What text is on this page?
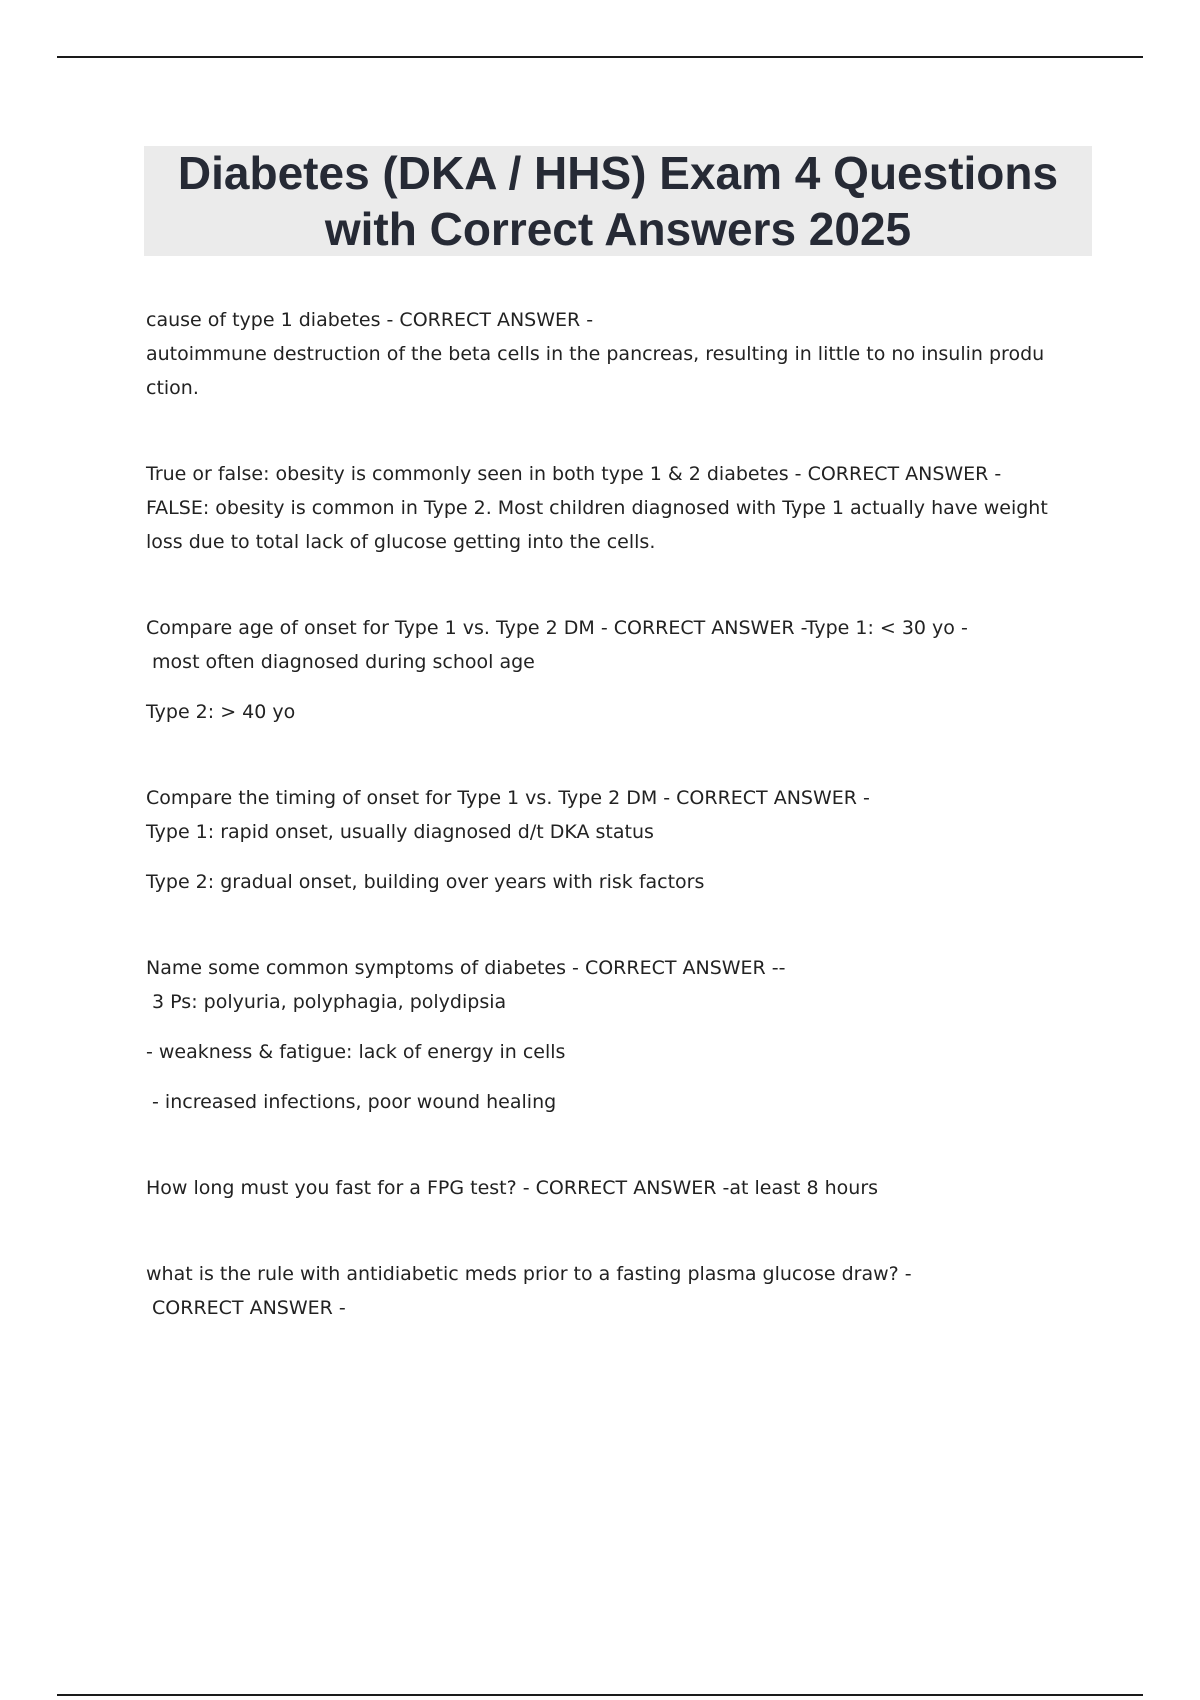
Diabetes (DKA / HHS) Exam 4 Questions
with Correct Answers 2025
cause of type 1 diabetes - CORRECT ANSWER -
autoimmune destruction of the beta cells in the pancreas, resulting in little to no insulin produ
ction.
True or false: obesity is commonly seen in both type 1 & 2 diabetes - CORRECT ANSWER -
FALSE: obesity is common in Type 2. Most children diagnosed with Type 1 actually have weight
loss due to total lack of glucose getting into the cells.
Compare age of onset for Type 1 vs. Type 2 DM - CORRECT ANSWER -Type 1: < 30 yo -
most often diagnosed during school age
Type 2: > 40 yo
Compare the timing of onset for Type 1 vs. Type 2 DM - CORRECT ANSWER -
Type 1: rapid onset, usually diagnosed d/t DKA status
Type 2: gradual onset, building over years with risk factors
Name some common symptoms of diabetes - CORRECT ANSWER --
3 Ps: polyuria, polyphagia, polydipsia
- weakness & fatigue: lack of energy in cells
- increased infections, poor wound healing
How long must you fast for a FPG test? - CORRECT ANSWER -at least 8 hours
what is the rule with antidiabetic meds prior to a fasting plasma glucose draw? -
CORRECT ANSWER -
